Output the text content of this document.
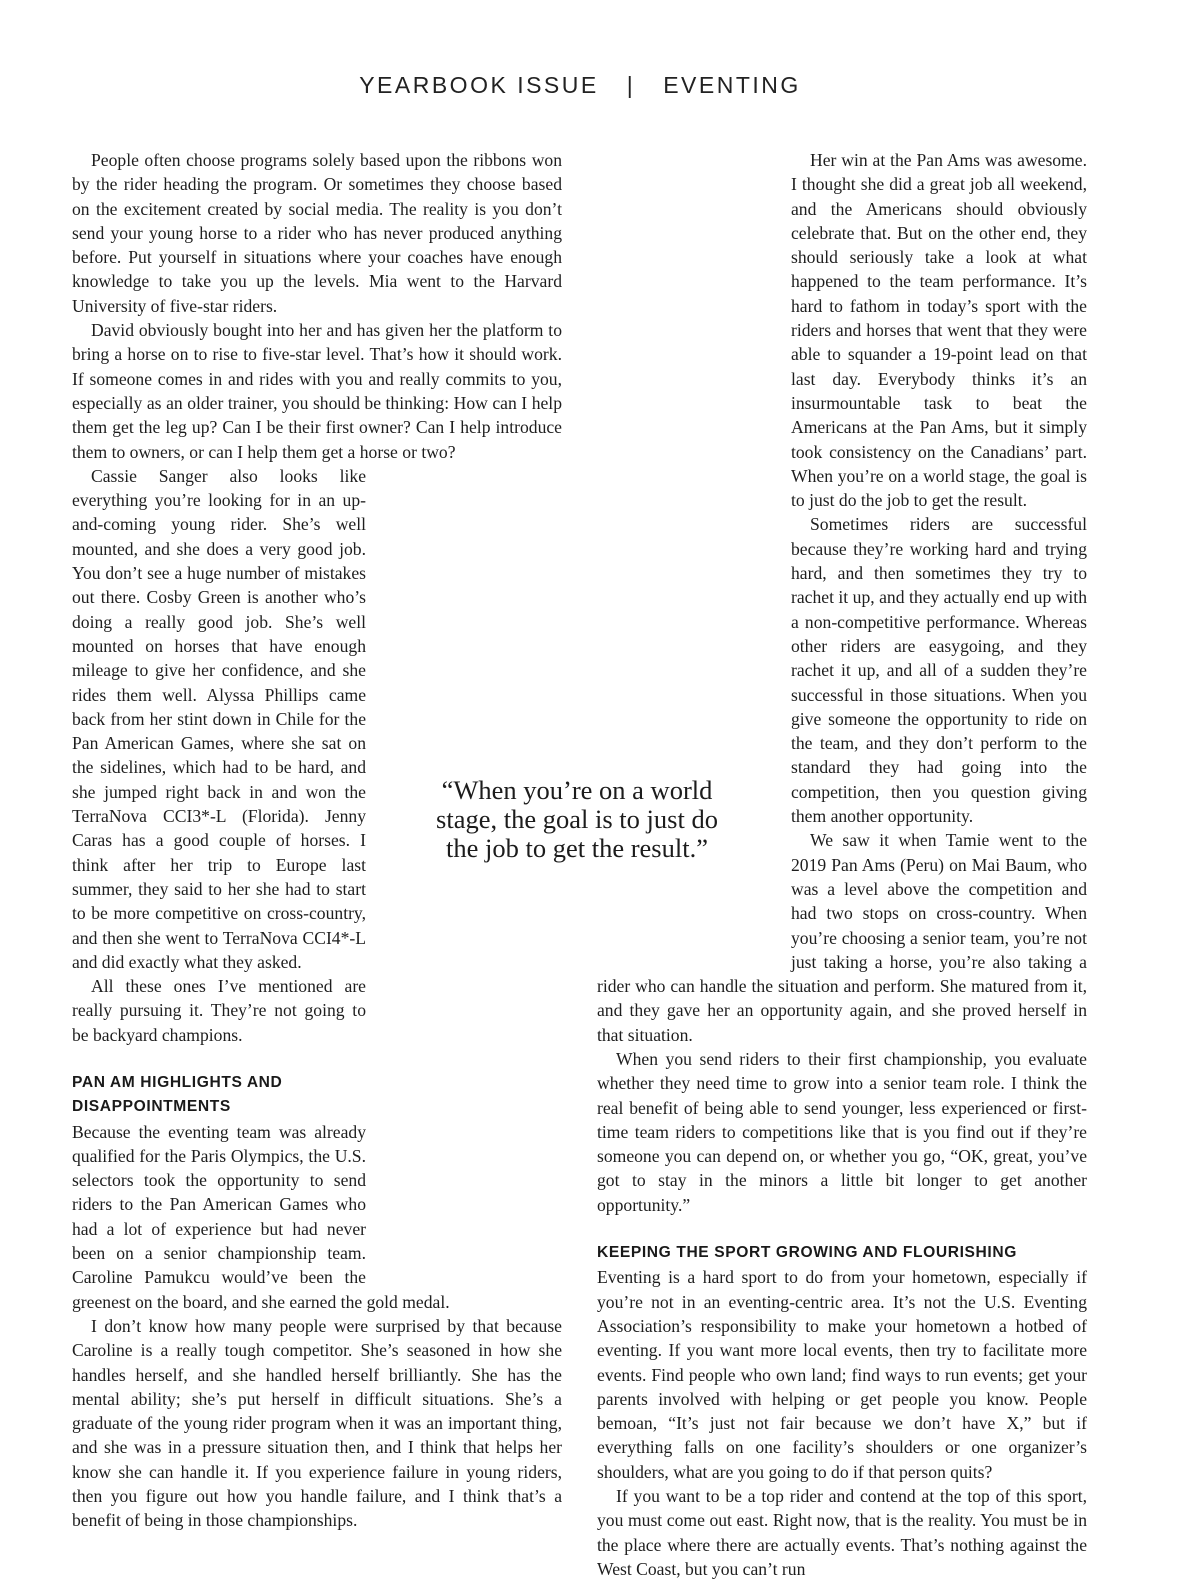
YEARBOOK ISSUE | EVENTING

People often choose programs solely based upon the ribbons won by the rider heading the program. Or sometimes they choose based on the excitement created by social media. The reality is you don’t send your young horse to a rider who has never produced anything before. Put yourself in situations where your coaches have enough knowledge to take you up the levels. Mia went to the Harvard University of five-star riders.

David obviously bought into her and has given her the platform to bring a horse on to rise to five-star level. That’s how it should work. If someone comes in and rides with you and really commits to you, especially as an older trainer, you should be thinking: How can I help them get the leg up? Can I be their first owner? Can I help introduce them to owners, or can I help them get a horse or two?

Cassie Sanger also looks like everything you’re looking for in an up-and-coming young rider. She’s well mounted, and she does a very good job. You don’t see a huge number of mistakes out there. Cosby Green is another who’s doing a really good job. She’s well mounted on horses that have enough mileage to give her confidence, and she rides them well. Alyssa Phillips came back from her stint down in Chile for the Pan American Games, where she sat on the sidelines, which had to be hard, and she jumped right back in and won the TerraNova CCI3*-L (Florida). Jenny Caras has a good couple of horses. I think after her trip to Europe last summer, they said to her she had to start to be more competitive on cross-country, and then she went to TerraNova CCI4*-L and did exactly what they asked.

All these ones I’ve mentioned are really pursuing it. They’re not going to be backyard champions.

PAN AM HIGHLIGHTS AND DISAPPOINTMENTS

Because the eventing team was already qualified for the Paris Olympics, the U.S. selectors took the opportunity to send riders to the Pan American Games who had a lot of experience but had never been on a senior championship team. Caroline Pamukcu would’ve been the greenest on the board, and she earned the gold medal.

I don’t know how many people were surprised by that because Caroline is a really tough competitor. She’s seasoned in how she handles herself, and she handled herself brilliantly. She has the mental ability; she’s put herself in difficult situations. She’s a graduate of the young rider program when it was an important thing, and she was in a pressure situation then, and I think that helps her know she can handle it. If you experience failure in young riders, then you figure out how you handle failure, and I think that’s a benefit of being in those championships.

Her win at the Pan Ams was awesome. I thought she did a great job all weekend, and the Americans should obviously celebrate that. But on the other end, they should seriously take a look at what happened to the team performance. It’s hard to fathom in today’s sport with the riders and horses that went that they were able to squander a 19-point lead on that last day. Everybody thinks it’s an insurmountable task to beat the Americans at the Pan Ams, but it simply took consistency on the Canadians’ part. When you’re on a world stage, the goal is to just do the job to get the result.

Sometimes riders are successful because they’re working hard and trying hard, and then sometimes they try to rachet it up, and they actually end up with a non-competitive performance. Whereas other riders are easygoing, and they rachet it up, and all of a sudden they’re successful in those situations. When you give someone the opportunity to ride on the team, and they don’t perform to the standard they had going into the competition, then you question giving them another opportunity.

We saw it when Tamie went to the 2019 Pan Ams (Peru) on Mai Baum, who was a level above the competition and had two stops on cross-country. When you’re choosing a senior team, you’re not just taking a horse, you’re also taking a rider who can handle the situation and perform. She matured from it, and they gave her an opportunity again, and she proved herself in that situation.

When you send riders to their first championship, you evaluate whether they need time to grow into a senior team role. I think the real benefit of being able to send younger, less experienced or first-time team riders to competitions like that is you find out if they’re someone you can depend on, or whether you go, “OK, great, you’ve got to stay in the minors a little bit longer to get another opportunity.”

KEEPING THE SPORT GROWING AND FLOURISHING

Eventing is a hard sport to do from your hometown, especially if you’re not in an eventing-centric area. It’s not the U.S. Eventing Association’s responsibility to make your hometown a hotbed of eventing. If you want more local events, then try to facilitate more events. Find people who own land; find ways to run events; get your parents involved with helping or get people you know. People bemoan, “It’s just not fair because we don’t have X,” but if everything falls on one facility’s shoulders or one organizer’s shoulders, what are you going to do if that person quits?

If you want to be a top rider and contend at the top of this sport, you must come out east. Right now, that is the reality. You must be in the place where there are actually events. That’s nothing against the West Coast, but you can’t run

“When you’re on a world stage, the goal is to just do the job to get the result.”
